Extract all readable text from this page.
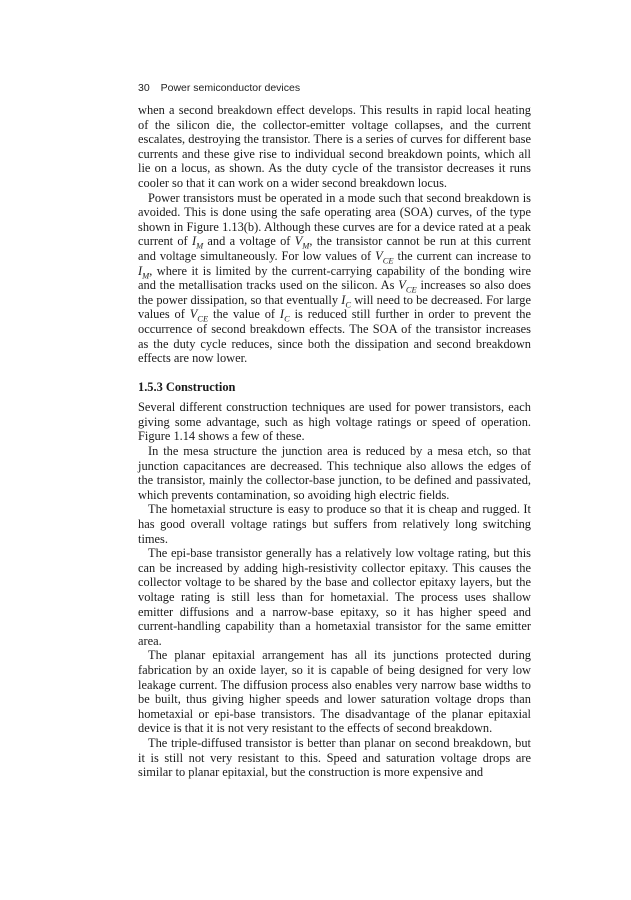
30 Power semiconductor devices

when a second breakdown effect develops. This results in rapid local heating of the silicon die, the collector-emitter voltage collapses, and the current escalates, destroying the transistor. There is a series of curves for different base currents and these give rise to individual second breakdown points, which all lie on a locus, as shown. As the duty cycle of the transistor decreases it runs cooler so that it can work on a wider second breakdown locus.

Power transistors must be operated in a mode such that second breakdown is avoided. This is done using the safe operating area (SOA) curves, of the type shown in Figure 1.13(b). Although these curves are for a device rated at a peak current of $I_M$ and a voltage of $V_M$, the transistor cannot be run at this current and voltage simultaneously. For low values of $V_{CE}$ the current can increase to $I_M$, where it is limited by the current-carrying capability of the bonding wire and the metallisation tracks used on the silicon. As $V_{CE}$ increases so also does the power dissipation, so that eventually $I_C$ will need to be decreased. For large values of $V_{CE}$ the value of $I_C$ is reduced still further in order to prevent the occurrence of second breakdown effects. The SOA of the transistor increases as the duty cycle reduces, since both the dissipation and second breakdown effects are now lower.

1.5.3 Construction

Several different construction techniques are used for power transistors, each giving some advantage, such as high voltage ratings or speed of operation. Figure 1.14 shows a few of these.

In the mesa structure the junction area is reduced by a mesa etch, so that junction capacitances are decreased. This technique also allows the edges of the transistor, mainly the collector-base junction, to be defined and passivated, which prevents contamination, so avoiding high electric fields.

The hometaxial structure is easy to produce so that it is cheap and rugged. It has good overall voltage ratings but suffers from relatively long switching times.

The epi-base transistor generally has a relatively low voltage rating, but this can be increased by adding high-resistivity collector epitaxy. This causes the collector voltage to be shared by the base and collector epitaxy layers, but the voltage rating is still less than for hometaxial. The process uses shallow emitter diffusions and a narrow-base epitaxy, so it has higher speed and current-handling capability than a hometaxial transistor for the same emitter area.

The planar epitaxial arrangement has all its junctions protected during fabrication by an oxide layer, so it is capable of being designed for very low leakage current. The diffusion process also enables very narrow base widths to be built, thus giving higher speeds and lower saturation voltage drops than hometaxial or epi-base transistors. The disadvantage of the planar epitaxial device is that it is not very resistant to the effects of second breakdown.

The triple-diffused transistor is better than planar on second breakdown, but it is still not very resistant to this. Speed and saturation voltage drops are similar to planar epitaxial, but the construction is more expensive and
